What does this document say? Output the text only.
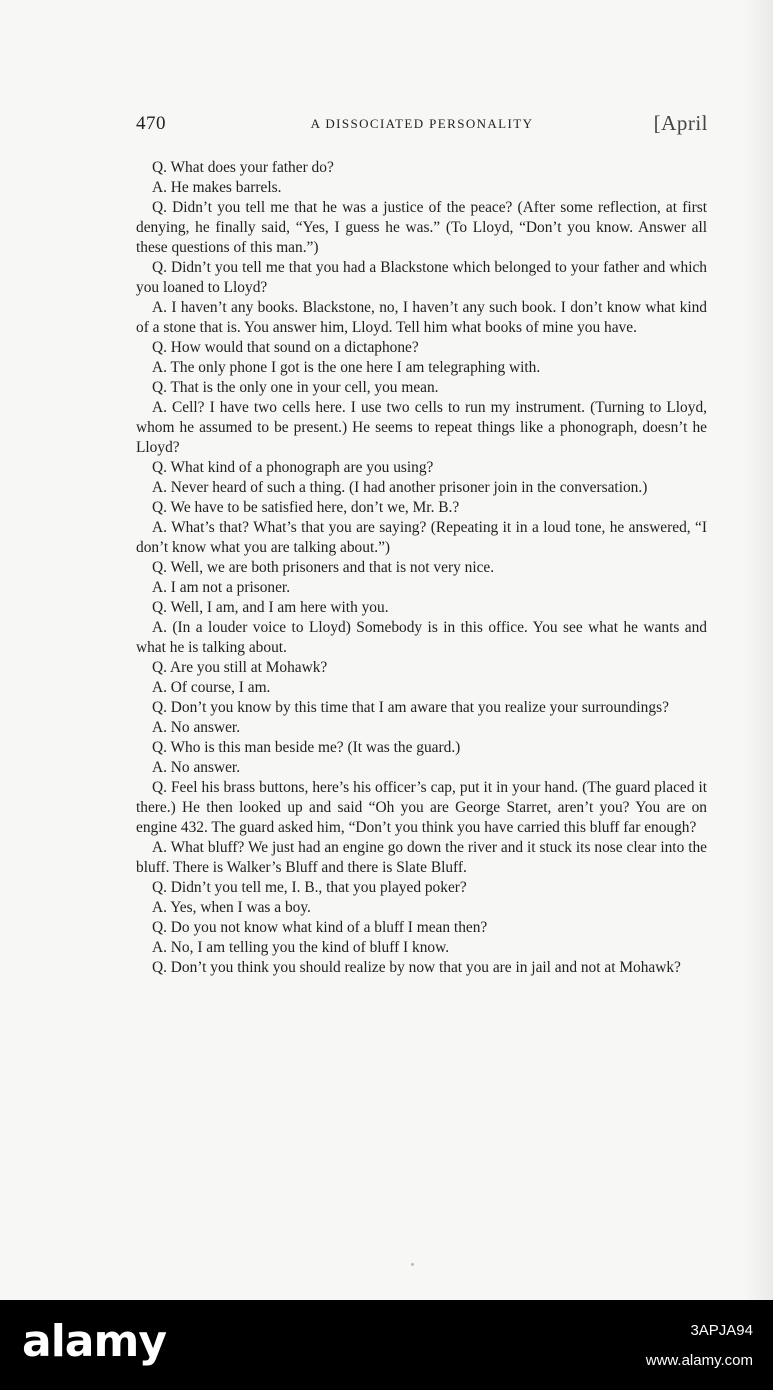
470	A DISSOCIATED PERSONALITY	[April

Q. What does your father do?

A. He makes barrels.

Q. Didn’t you tell me that he was a justice of the peace? (After some reflection, at first denying, he finally said, “Yes, I guess he was.” (To Lloyd, “Don’t you know. Answer all these questions of this man.”)

Q. Didn’t you tell me that you had a Blackstone which belonged to your father and which you loaned to Lloyd?

A. I haven’t any books. Blackstone, no, I haven’t any such book. I don’t know what kind of a stone that is. You answer him, Lloyd. Tell him what books of mine you have.

Q. How would that sound on a dictaphone?

A. The only phone I got is the one here I am telegraphing with.

Q. That is the only one in your cell, you mean.

A. Cell? I have two cells here. I use two cells to run my instrument. (Turning to Lloyd, whom he assumed to be present.) He seems to repeat things like a phonograph, doesn’t he Lloyd?

Q. What kind of a phonograph are you using?

A. Never heard of such a thing. (I had another prisoner join in the conversation.)

Q. We have to be satisfied here, don’t we, Mr. B.?

A. What’s that? What’s that you are saying? (Repeating it in a loud tone, he answered, “I don’t know what you are talking about.”)

Q. Well, we are both prisoners and that is not very nice.

A. I am not a prisoner.

Q. Well, I am, and I am here with you.

A. (In a louder voice to Lloyd) Somebody is in this office. You see what he wants and what he is talking about.

Q. Are you still at Mohawk?

A. Of course, I am.

Q. Don’t you know by this time that I am aware that you realize your surroundings?

A. No answer.

Q. Who is this man beside me? (It was the guard.)

A. No answer.

Q. Feel his brass buttons, here’s his officer’s cap, put it in your hand. (The guard placed it there.) He then looked up and said “Oh you are George Starret, aren’t you? You are on engine 432. The guard asked him, “Don’t you think you have carried this bluff far enough?

A. What bluff? We just had an engine go down the river and it stuck its nose clear into the bluff. There is Walker’s Bluff and there is Slate Bluff.

Q. Didn’t you tell me, I. B., that you played poker?

A. Yes, when I was a boy.

Q. Do you not know what kind of a bluff I mean then?

A. No, I am telling you the kind of bluff I know.

Q. Don’t you think you should realize by now that you are in jail and not at Mohawk?

alamy	3APJA94
www.alamy.com
